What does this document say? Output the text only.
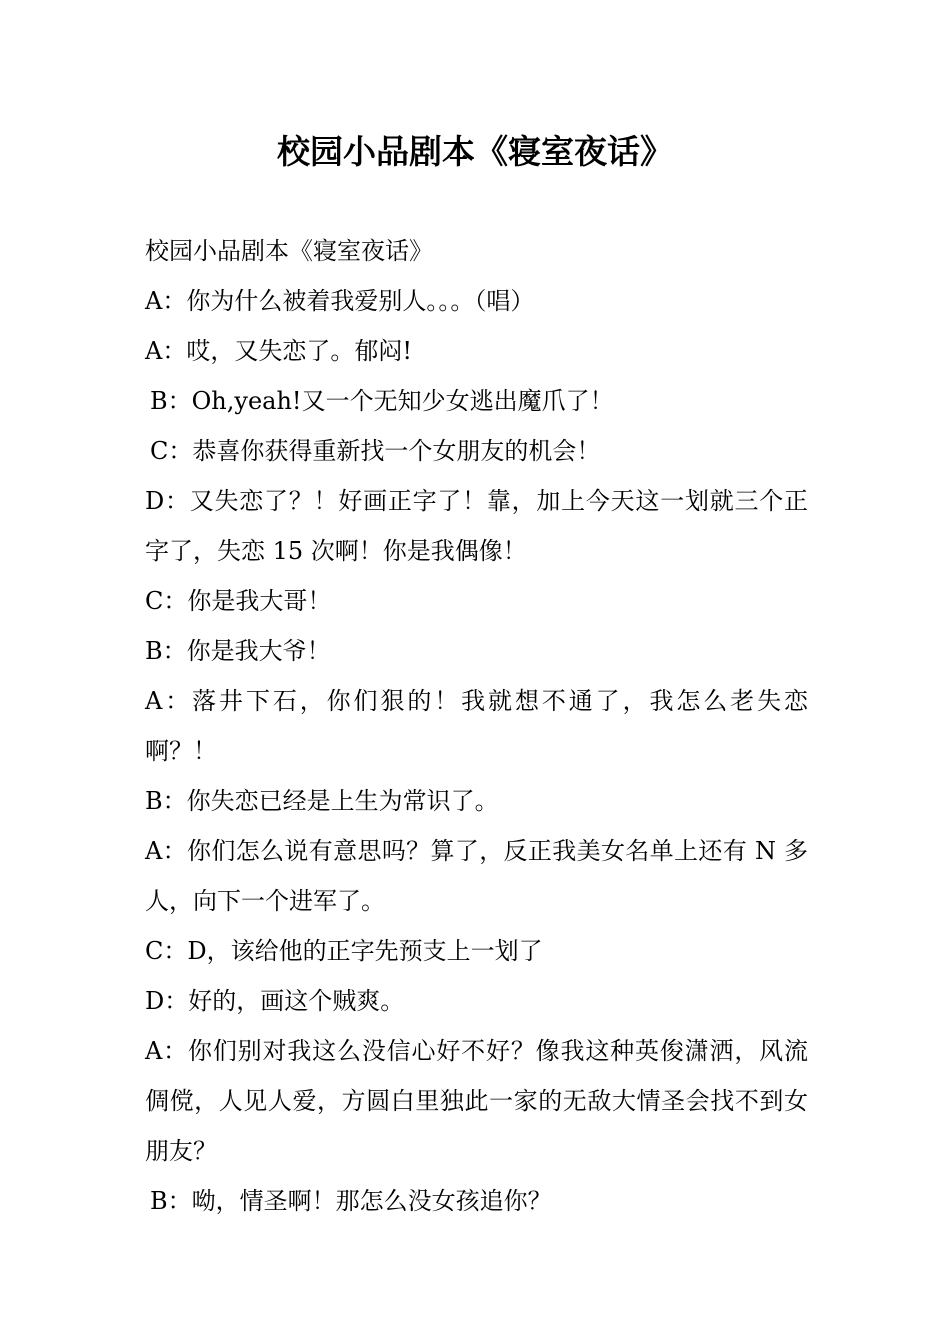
校园小品剧本《寝室夜话》

校园小品剧本《寝室夜话》

A：你为什么被着我爱别人。。。（唱）

A：哎，又失恋了。郁闷!

B：Oh,yeah!又一个无知少女逃出魔爪了！

C：恭喜你获得重新找一个女朋友的机会！

D：又失恋了？！好画正字了！靠，加上今天这一划就三个正字了，失恋 15 次啊！你是我偶像！

C：你是我大哥！

B：你是我大爷！

A：落井下石，你们狠的！我就想不通了，我怎么老失恋啊？！

B：你失恋已经是上生为常识了。

A：你们怎么说有意思吗？算了，反正我美女名单上还有 N 多人，向下一个进军了。

C：D，该给他的正字先预支上一划了

D：好的，画这个贼爽。

A：你们别对我这么没信心好不好？像我这种英俊潇洒，风流倜傥，人见人爱，方圆白里独此一家的无敌大情圣会找不到女朋友？

B：呦，情圣啊！那怎么没女孩追你？
